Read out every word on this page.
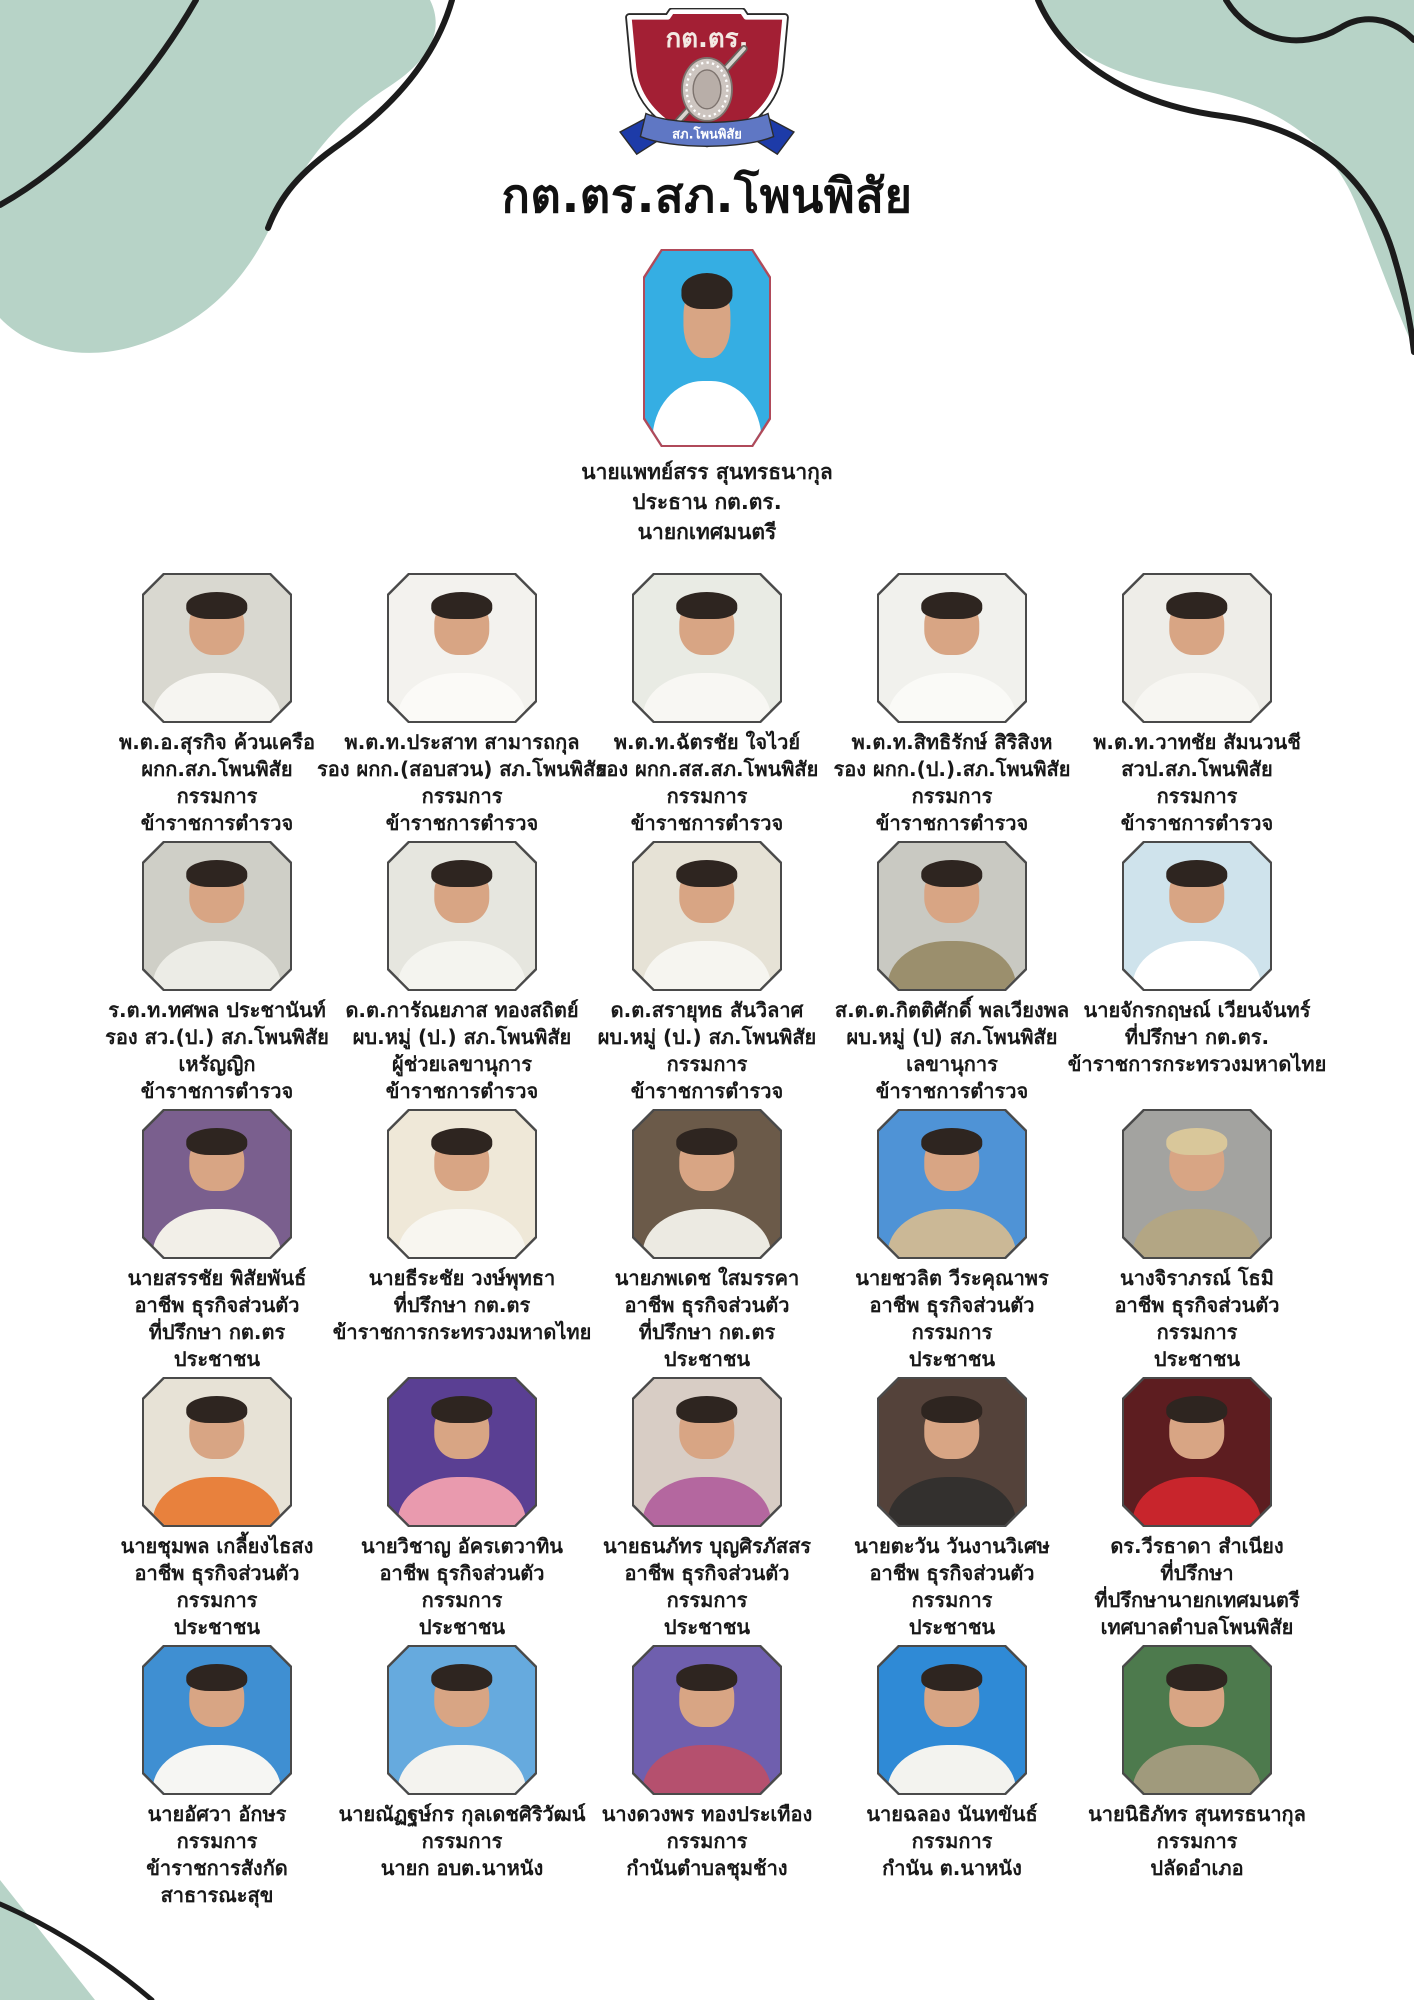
กต.ตร.
สภ.โพนพิสัย
กต.ตร.สภ.โพนพิสัย
นายแพทย์สรร สุนทรธนากุล
ประธาน กต.ตร.
นายกเทศมนตรี
พ.ต.อ.สุรกิจ ค้วนเครือ
ผกก.สภ.โพนพิสัย
กรรมการ
ข้าราชการตำรวจ
พ.ต.ท.ประสาท สามารถกุล
รอง ผกก.(สอบสวน) สภ.โพนพิสัย
กรรมการ
ข้าราชการตำรวจ
พ.ต.ท.ฉัตรชัย ใจไวย์
รอง ผกก.สส.สภ.โพนพิสัย
กรรมการ
ข้าราชการตำรวจ
พ.ต.ท.สิทธิรักษ์ สิริสิงห
รอง ผกก.(ป.).สภ.โพนพิสัย
กรรมการ
ข้าราชการตำรวจ
พ.ต.ท.วาทชัย สัมนวนชี
สวป.สภ.โพนพิสัย
กรรมการ
ข้าราชการตำรวจ
ร.ต.ท.ทศพล ประชานันท์
รอง สว.(ป.) สภ.โพนพิสัย
เหรัญญิก
ข้าราชการตำรวจ
ด.ต.การัณยภาส ทองสถิตย์
ผบ.หมู่ (ป.) สภ.โพนพิสัย
ผู้ช่วยเลขานุการ
ข้าราชการตำรวจ
ด.ต.สรายุทธ สันวิลาศ
ผบ.หมู่ (ป.) สภ.โพนพิสัย
กรรมการ
ข้าราชการตำรวจ
ส.ต.ต.กิตติศักดิ์ พลเวียงพล
ผบ.หมู่ (ป) สภ.โพนพิสัย
เลขานุการ
ข้าราชการตำรวจ
นายจักรกฤษณ์ เวียนจันทร์
ที่ปรึกษา กต.ตร.
ข้าราชการกระทรวงมหาดไทย
นายสรรชัย พิสัยพันธ์
อาชีพ ธุรกิจส่วนตัว
ที่ปรึกษา กต.ตร
ประชาชน
นายธีระชัย วงษ์พุทธา
ที่ปรึกษา กต.ตร
ข้าราชการกระทรวงมหาดไทย
นายภพเดช ใสมรรคา
อาชีพ ธุรกิจส่วนตัว
ที่ปรึกษา กต.ตร
ประชาชน
นายชวลิต วีระคุณาพร
อาชีพ ธุรกิจส่วนตัว
กรรมการ
ประชาชน
นางจิราภรณ์ โธมิ
อาชีพ ธุรกิจส่วนตัว
กรรมการ
ประชาชน
นายชุมพล เกลี้ยงไธสง
อาชีพ ธุรกิจส่วนตัว
กรรมการ
ประชาชน
นายวิชาญ อัครเตวาทิน
อาชีพ ธุรกิจส่วนตัว
กรรมการ
ประชาชน
นายธนภัทร บุญศิรภัสสร
อาชีพ ธุรกิจส่วนตัว
กรรมการ
ประชาชน
นายตะวัน วันงานวิเศษ
อาชีพ ธุรกิจส่วนตัว
กรรมการ
ประชาชน
ดร.วีรธาดา สำเนียง
ที่ปรึกษา
ที่ปรึกษานายกเทศมนตรี
เทศบาลตำบลโพนพิสัย
นายอัศวา อักษร
กรรมการ
ข้าราชการสังกัด
สาธารณะสุข
นายณัฏฐษ์กร กุลเดชศิริวัฒน์
กรรมการ
นายก อบต.นาหนัง
นางดวงพร ทองประเทือง
กรรมการ
กำนันตำบลชุมช้าง
นายฉลอง นันทขันธ์
กรรมการ
กำนัน ต.นาหนัง
นายนิธิภัทร สุนทรธนากุล
กรรมการ
ปลัดอำเภอ
